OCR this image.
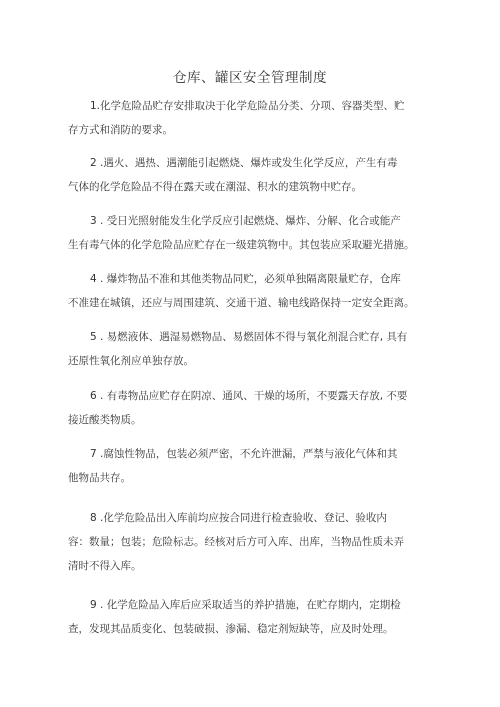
仓库、罐区安全管理制度
1.化学危险品贮存安排取决于化学危险品分类、分项、容器类型、贮
存方式和消防的要求。
2 .遇火、遇热、遇潮能引起燃烧、爆炸或发生化学反应，产生有毒
气体的化学危险品不得在露天或在潮湿、积水的建筑物中贮存。
3 . 受日光照射能发生化学反应引起燃烧、爆炸、分解、化合或能产
生有毒气体的化学危险品应贮存在一级建筑物中。其包装应采取避光措施。
4 . 爆炸物品不准和其他类物品同贮，必须单独隔离限量贮存，仓库
不准建在城镇，还应与周围建筑、交通干道、输电线路保持一定安全距离。
5 . 易燃液体、遇湿易燃物品、易燃固体不得与氧化剂混合贮存, 具有
还原性氧化剂应单独存放。
6 . 有毒物品应贮存在阴凉、通风、干燥的场所，不要露天存放, 不要
接近酸类物质。
7 .腐蚀性物品，包装必须严密，不允许泄漏，严禁与液化气体和其
他物品共存。
8 .化学危险品出入库前均应按合同进行检查验收、登记、验收内
容：数量；包装；危险标志。经核对后方可入库、出库，当物品性质未弄
清时不得入库。
9 . 化学危险品入库后应采取适当的养护措施，在贮存期内，定期检
查，发现其品质变化、包装破损、渗漏、稳定剂短缺等，应及时处理。
